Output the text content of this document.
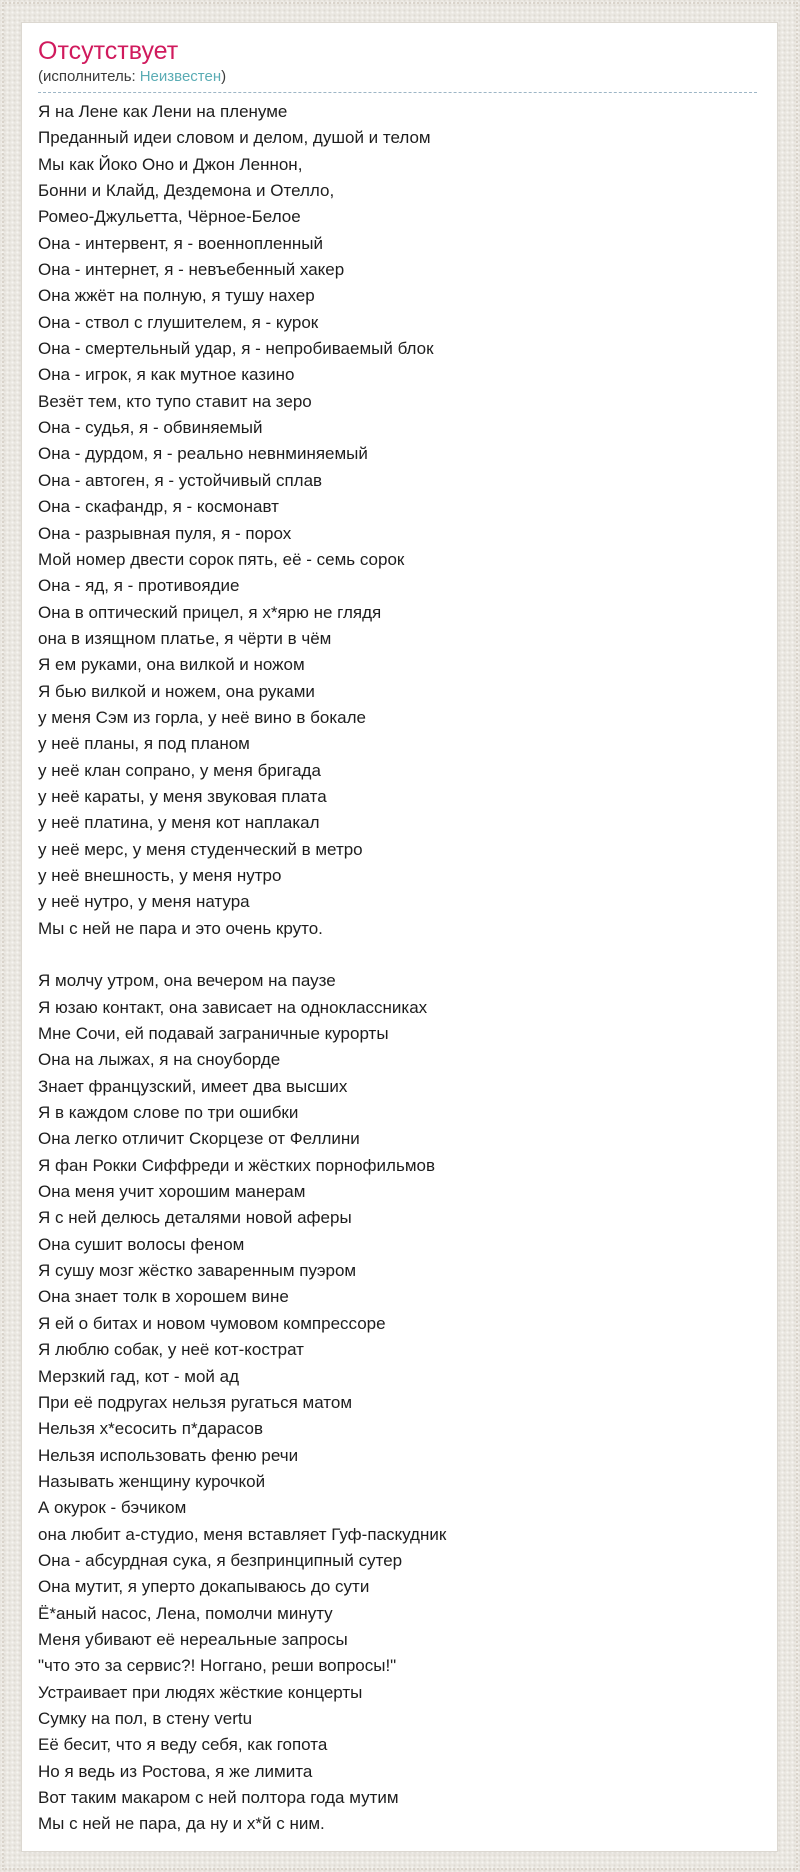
Отсутствует
(исполнитель: Неизвестен)
Я на Лене как Лени на пленуме
Преданный идеи словом и делом, душой и телом
Мы как Йоко Оно и Джон Леннон,
Бонни и Клайд, Дездемона и Отелло,
Ромео-Джульетта, Чёрное-Белое
Она - интервент, я - военнопленный
Она - интернет, я - невъебенный хакер
Она жжёт на полную, я тушу нахер
Она - ствол с глушителем, я - курок
Она - смертельный удар, я - непробиваемый блок
Она - игрок, я как мутное казино
Везёт тем, кто тупо ставит на зеро
Она - судья, я - обвиняемый
Она - дурдом, я - реально невнминяемый
Она - автоген, я - устойчивый сплав
Она - скафандр, я - космонавт
Она - разрывная пуля, я - порох
Мой номер двести сорок пять, её - семь сорок
Она - яд, я - противоядие
Она в оптический прицел, я х*ярю не глядя
она в изящном платье, я чёрти в чём
Я ем руками, она вилкой и ножом
Я бью вилкой и ножем, она руками
у меня Сэм из горла, у неё вино в бокале
у неё планы, я под планом
у неё клан сопрано, у меня бригада
у неё караты, у меня звуковая плата
у неё платина, у меня кот наплакал
у неё мерс, у меня студенческий в метро
у неё внешность, у меня нутро
у неё нутро, у меня натура
Мы с ней не пара и это очень круто.
Я молчу утром, она вечером на паузе
Я юзаю контакт, она зависает на одноклассниках
Мне Сочи, ей подавай заграничные курорты
Она на лыжах, я на сноуборде
Знает французский, имеет два высших
Я в каждом слове по три ошибки
Она легко отличит Скорцезе от Феллини
Я фан Рокки Сиффреди и жёстких порнофильмов
Она меня учит хорошим манерам
Я с ней делюсь деталями новой аферы
Она сушит волосы феном
Я сушу мозг жёстко заваренным пуэром
Она знает толк в хорошем вине
Я ей о битах и новом чумовом компрессоре
Я люблю собак, у неё кот-кострат
Мерзкий гад, кот - мой ад
При её подругах нельзя ругаться матом
Нельзя х*есосить п*дарасов
Нельзя использовать феню речи
Называть женщину курочкой
А окурок - бэчиком
она любит а-студио, меня вставляет Гуф-паскудник
Она - абсурдная сука, я безпринципный сутер
Она мутит, я уперто докапываюсь до сути
Ё*аный насос, Лена, помолчи минуту
Меня убивают её нереальные запросы
"что это за сервис?! Ноггано, реши вопросы!"
Устраивает при людях жёсткие концерты
Сумку на пол, в стену vertu
Её бесит, что я веду себя, как гопота
Но я ведь из Ростова, я же лимита
Вот таким макаром с ней полтора года мутим
Мы с ней не пара, да ну и х*й с ним.
